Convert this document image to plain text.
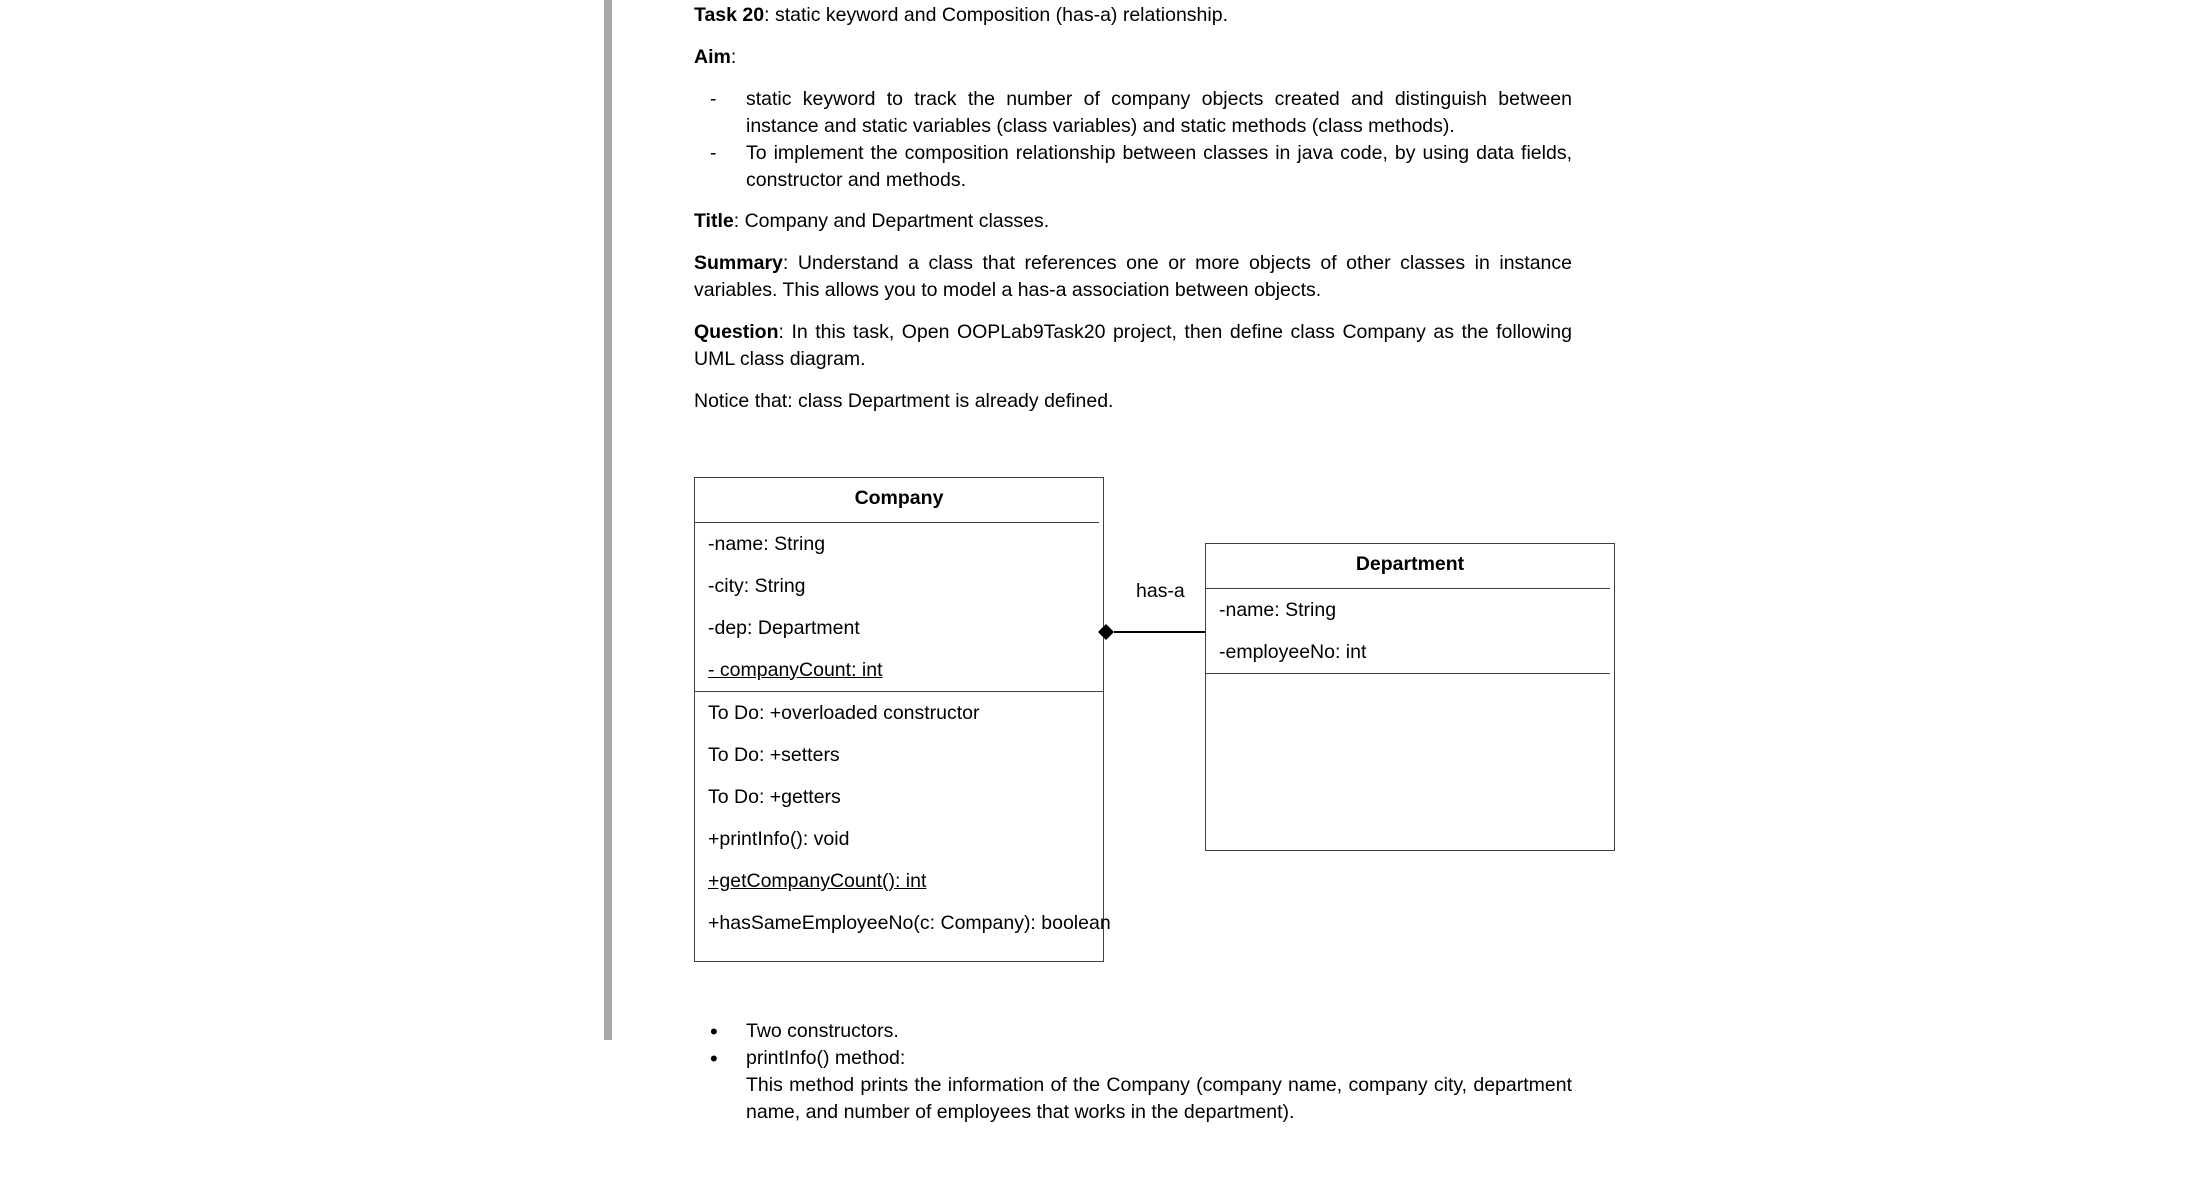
Task 20: static keyword and Composition (has-a) relationship.
Aim:
- static keyword to track the number of company objects created and distinguish between instance and static variables (class variables) and static methods (class methods).
- To implement the composition relationship between classes in java code, by using data fields, constructor and methods.
Title: Company and Department classes.
Summary: Understand a class that references one or more objects of other classes in instance variables. This allows you to model a has-a association between objects.
Question: In this task, Open OOPLab9Task20 project, then define class Company as the following UML class diagram.
Notice that: class Department is already defined.
• Two constructors.
• printInfo() method:
This method prints the information of the Company (company name, company city, department name, and number of employees that works in the department).
Company
-name: String
-city: String
-dep: Department
- companyCount: int
To Do: +overloaded constructor
To Do: +setters
To Do: +getters
+printInfo(): void
+getCompanyCount(): int
+hasSameEmployeeNo(c: Company): boolean
has-a
Department
-name: String
-employeeNo: int
